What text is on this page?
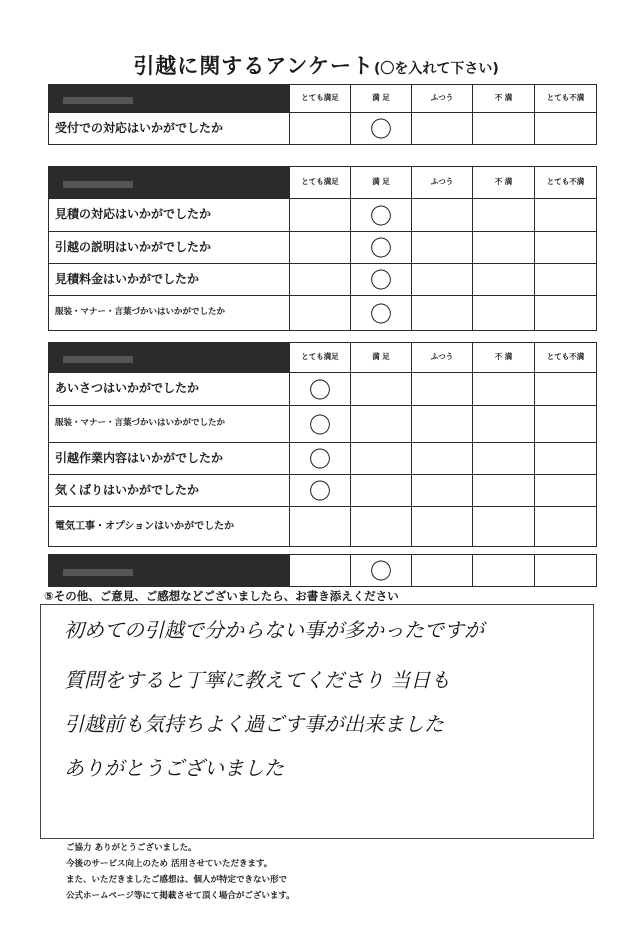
引越に関するアンケート(〇を入れて下さい)
	とても満足	満 足	ふつう	不 満	とても不満
受付での対応はいかがでしたか		〇			
	とても満足	満 足	ふつう	不 満	とても不満
見積の対応はいかがでしたか		〇			
引越の説明はいかがでしたか		〇			
見積料金はいかがでしたか		〇			
服装・マナー・言葉づかいはいかがでしたか		〇			
	とても満足	満 足	ふつう	不 満	とても不満
あいさつはいかがでしたか	〇				
服装・マナー・言葉づかいはいかがでしたか	〇				
引越作業内容はいかがでしたか	〇				
気くばりはいかがでしたか	〇				
電気工事・オプションはいかがでしたか					
		〇			
⑤その他、ご意見、ご感想などございましたら、お書き添えください
初めての引越で分からない事が多かったですが
質問をすると丁寧に教えてくださり 当日も
引越前も気持ちよく過ごす事が出来ました
ありがとうございました
ご協力 ありがとうございました。
今後のサービス向上のため 活用させていただきます。
また、いただきましたご感想は、個人が特定できない形で
公式ホームページ等にて掲載させて頂く場合がございます。
